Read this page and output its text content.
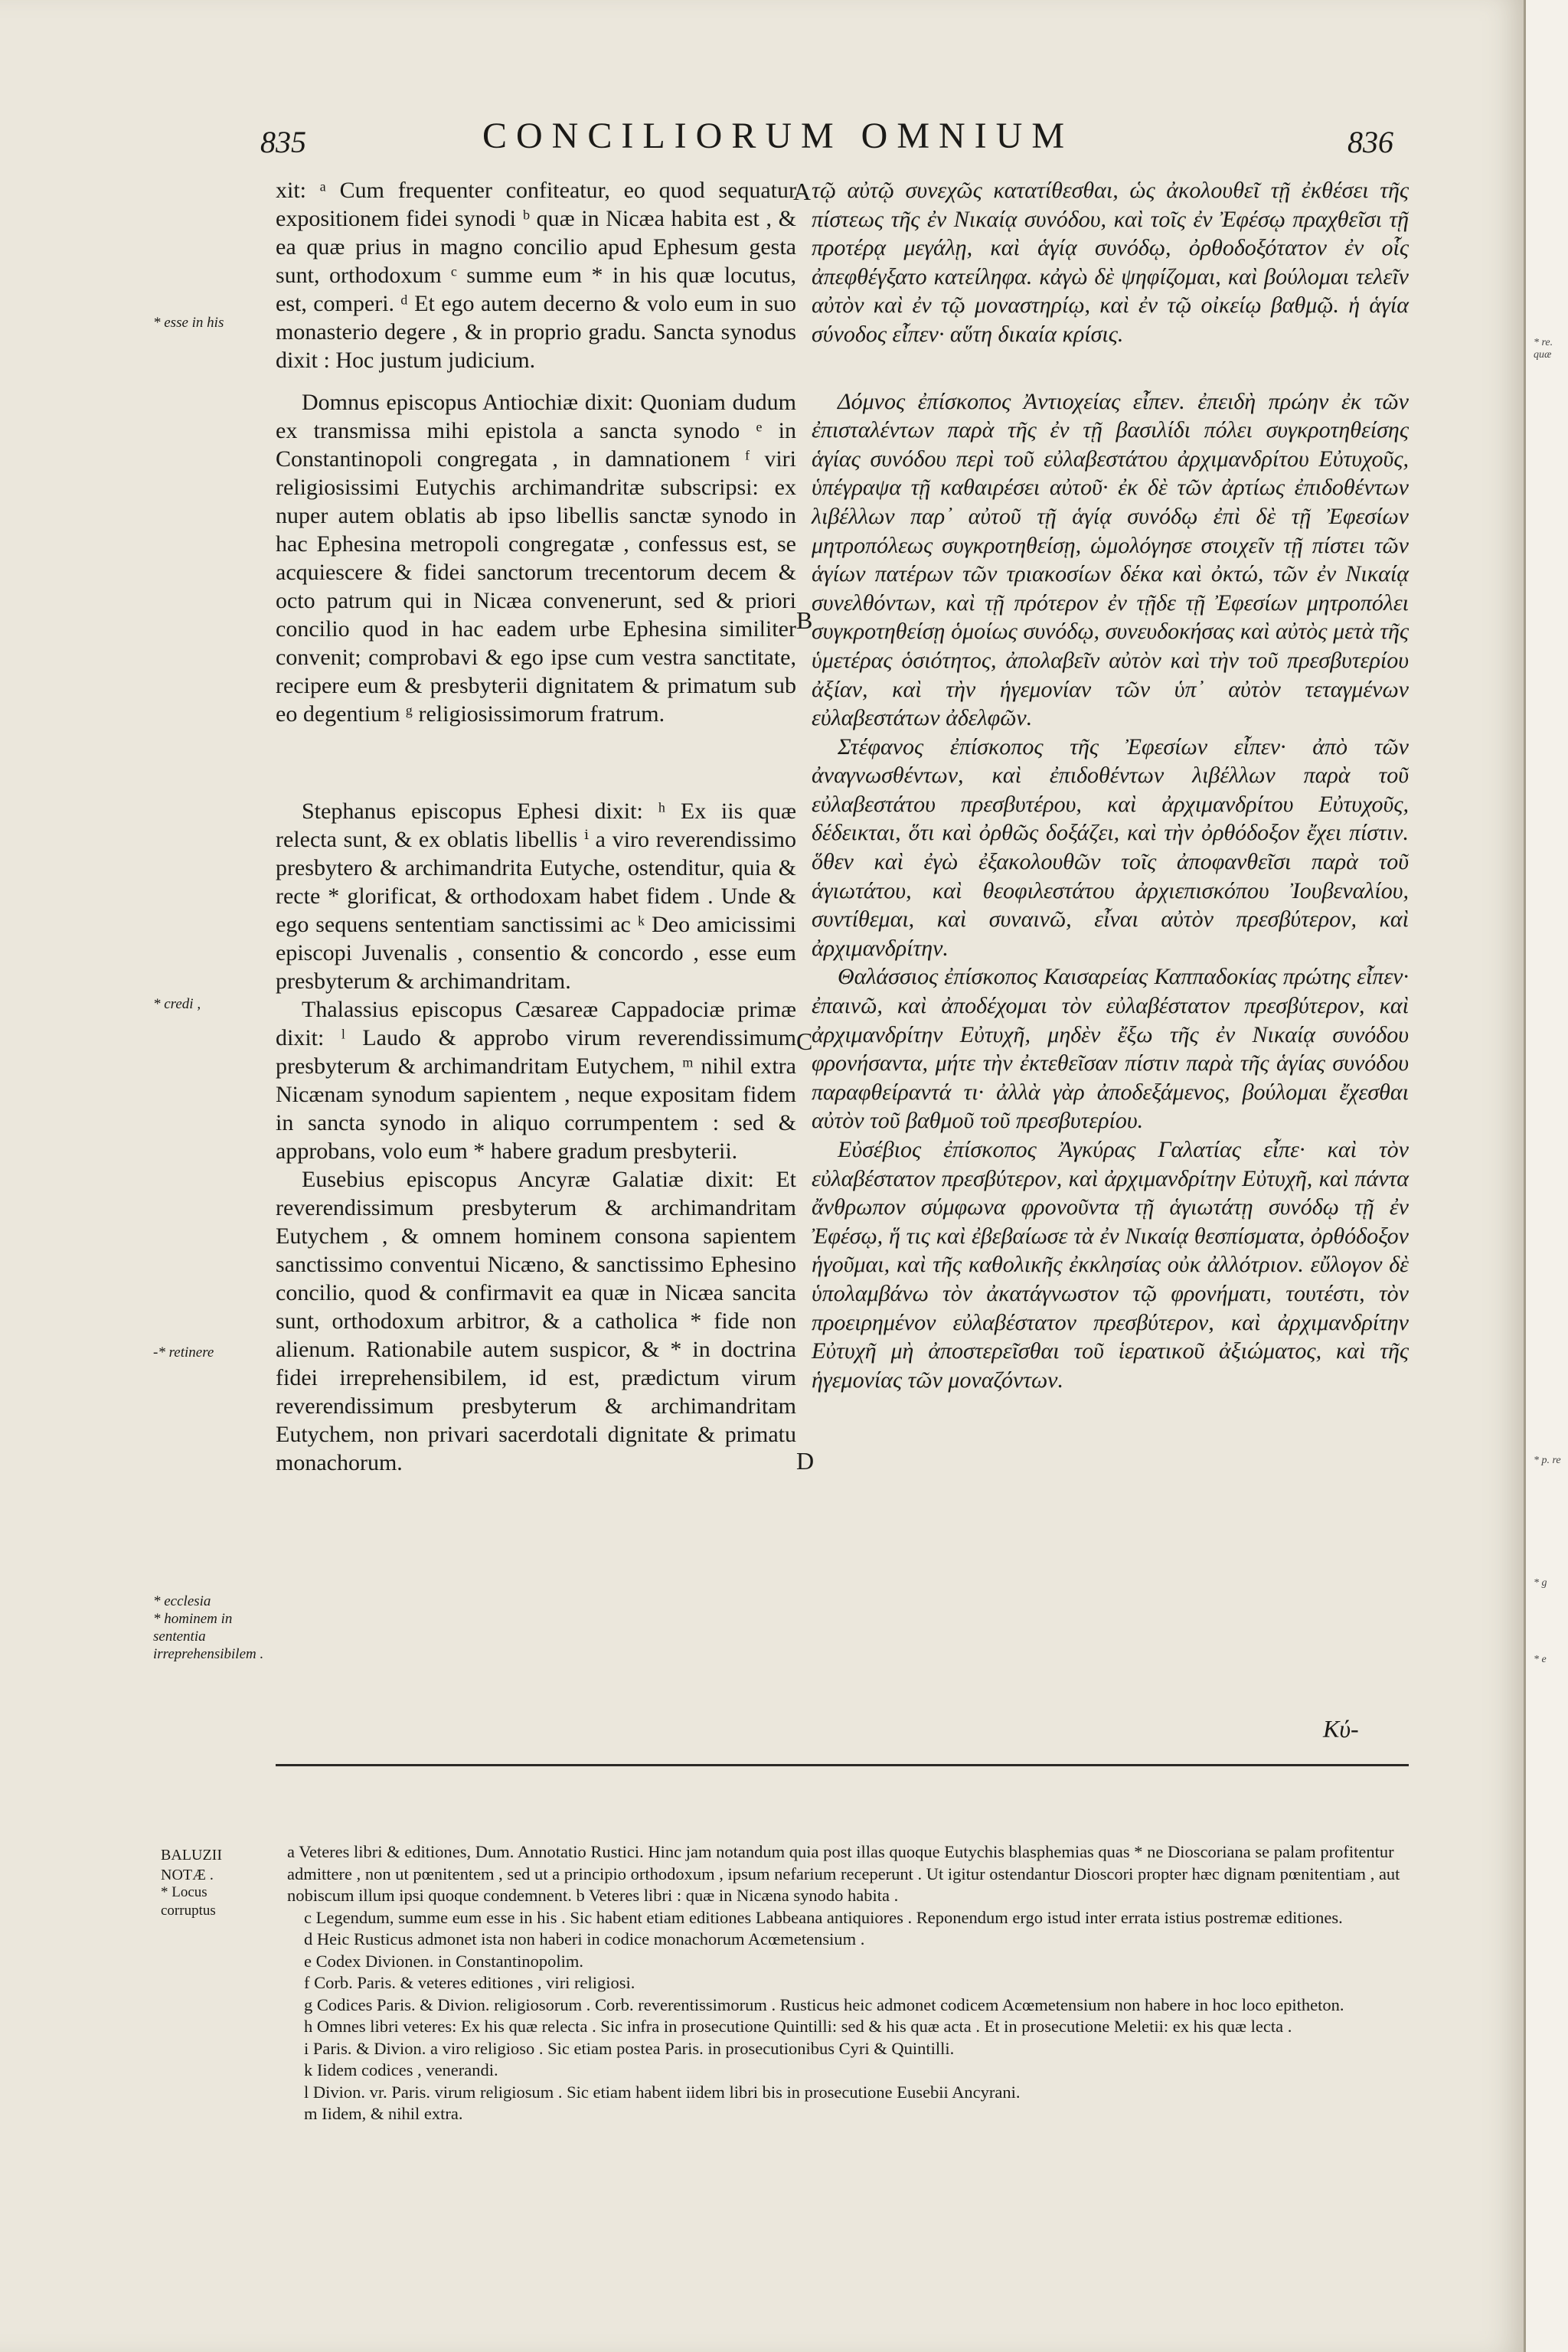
835	CONCILIORUM OMNIUM	836
* esse in his
* credi ,
-* retinere
* ecclesia
* hominem in sententia irreprehensibilem .

xit: ᵃ Cum frequenter confiteatur, eo quod sequatur expositionem fidei synodi ᵇ quæ in Nicæa habita est , & ea quæ prius in magno concilio apud Ephesum gesta sunt, orthodoxum ᶜ summe eum * in his quæ locutus, est, comperi. ᵈ Et ego autem decerno & volo eum in suo monasterio degere , & in proprio gradu. Sancta synodus dixit : Hoc justum judicium.

Domnus episcopus Antiochiæ dixit: Quoniam dudum ex transmissa mihi epistola a sancta synodo ᵉ in Constantinopoli congregata , in damnationem ᶠ viri religiosissimi Eutychis archimandritæ subscripsi: ex nuper autem oblatis ab ipso libellis sanctæ synodo in hac Ephesina metropoli congregatæ , confessus est, se acquiescere & fidei sanctorum trecentorum decem & octo patrum qui in Nicæa convenerunt, sed & priori concilio quod in hac eadem urbe Ephesina similiter convenit; comprobavi & ego ipse cum vestra sanctitate, recipere eum & presbyterii dignitatem & primatum sub eo degentium ᵍ religiosissimorum fratrum.

Stephanus episcopus Ephesi dixit: ʰ Ex iis quæ relecta sunt, & ex oblatis libellis ⁱ a viro reverendissimo presbytero & archimandrita Eutyche, ostenditur, quia & recte * glorificat, & orthodoxam habet fidem . Unde & ego sequens sententiam sanctissimi ac ᵏ Deo amicissimi episcopi Juvenalis , consentio & concordo , esse eum presbyterum & archimandritam.

Thalassius episcopus Cæsareæ Cappadociæ primæ dixit: ˡ Laudo & approbo virum reverendissimum presbyterum & archimandritam Eutychem, ᵐ nihil extra Nicænam synodum sapientem , neque expositam fidem in sancta synodo in aliquo corrumpentem : sed & approbans, volo eum * habere gradum presbyterii.

Eusebius episcopus Ancyræ Galatiæ dixit: Et reverendissimum presbyterum & archimandritam Eutychem , & omnem hominem consona sapientem sanctissimo conventui Nicæno, & sanctissimo Ephesino concilio, quod & confirmavit ea quæ in Nicæa sancita sunt, orthodoxum arbitror, & a catholica * fide non alienum. Rationabile autem suspicor, & * in doctrina fidei irreprehensibilem, id est, prædictum virum reverendissimum presbyterum & archimandritam Eutychem, non privari sacerdotali dignitate & primatu monachorum.

A
B
C
D

τῷ αὐτῷ συνεχῶς κατατίθεσθαι, ὡς ἀκολουθεῖ τῇ ἐκθέσει τῆς πίστεως τῆς ἐν Νικαίᾳ συνόδου, καὶ τοῖς ἐν Ἐφέσῳ πραχθεῖσι τῇ προτέρᾳ μεγάλῃ, καὶ ἁγίᾳ συνόδῳ, ὀρθοδοξότατον ἐν οἷς ἀπεφθέγξατο κατείληφα. κἀγὼ δὲ ψηφίζομαι, καὶ βούλομαι τελεῖν αὐτὸν καὶ ἐν τῷ μοναστηρίῳ, καὶ ἐν τῷ οἰκείῳ βαθμῷ. ἡ ἁγία σύνοδος εἶπεν· αὕτη δικαία κρίσις.

Δόμνος ἐπίσκοπος Ἀντιοχείας εἶπεν. ἐπειδὴ πρώην ἐκ τῶν ἐπισταλέντων παρὰ τῆς ἐν τῇ βασιλίδι πόλει συγκροτηθείσης ἁγίας συνόδου περὶ τοῦ εὐλαβεστάτου ἀρχιμανδρίτου Εὐτυχοῦς, ὑπέγραψα τῇ καθαιρέσει αὐτοῦ· ἐκ δὲ τῶν ἀρτίως ἐπιδοθέντων λιβέλλων παρ᾽ αὐτοῦ τῇ ἁγίᾳ συνόδῳ ἐπὶ δὲ τῇ Ἐφεσίων μητροπόλεως συγκροτηθείσῃ, ὡμολόγησε στοιχεῖν τῇ πίστει τῶν ἁγίων πατέρων τῶν τριακοσίων δέκα καὶ ὀκτώ, τῶν ἐν Νικαίᾳ συνελθόντων, καὶ τῇ πρότερον ἐν τῇδε τῇ Ἐφεσίων μητροπόλει συγκροτηθείσῃ ὁμοίως συνόδῳ, συνευδοκήσας καὶ αὐτὸς μετὰ τῆς ὑμετέρας ὁσιότητος, ἀπολαβεῖν αὐτὸν καὶ τὴν τοῦ πρεσβυτερίου ἀξίαν, καὶ τὴν ἡγεμονίαν τῶν ὑπ᾽ αὐτὸν τεταγμένων εὐλαβεστάτων ἀδελφῶν.

Στέφανος ἐπίσκοπος τῆς Ἐφεσίων εἶπεν· ἀπὸ τῶν ἀναγνωσθέντων, καὶ ἐπιδοθέντων λιβέλλων παρὰ τοῦ εὐλαβεστάτου πρεσβυτέρου, καὶ ἀρχιμανδρίτου Εὐτυχοῦς, δέδεικται, ὅτι καὶ ὀρθῶς δοξάζει, καὶ τὴν ὀρθόδοξον ἔχει πίστιν. ὅθεν καὶ ἐγὼ ἐξακολουθῶν τοῖς ἀποφανθεῖσι παρὰ τοῦ ἁγιωτάτου, καὶ θεοφιλεστάτου ἀρχιεπισκόπου Ἰουβεναλίου, συντίθεμαι, καὶ συναινῶ, εἶναι αὐτὸν πρεσβύτερον, καὶ ἀρχιμανδρίτην.

Θαλάσσιος ἐπίσκοπος Καισαρείας Καππαδοκίας πρώτης εἶπεν· ἐπαινῶ, καὶ ἀποδέχομαι τὸν εὐλαβέστατον πρεσβύτερον, καὶ ἀρχιμανδρίτην Εὐτυχῆ, μηδὲν ἔξω τῆς ἐν Νικαίᾳ συνόδου φρονήσαντα, μήτε τὴν ἐκτεθεῖσαν πίστιν παρὰ τῆς ἁγίας συνόδου παραφθείραντά τι· ἀλλὰ γὰρ ἀποδεξάμενος, βούλομαι ἔχεσθαι αὐτὸν τοῦ βαθμοῦ τοῦ πρεσβυτερίου.

Εὐσέβιος ἐπίσκοπος Ἀγκύρας Γαλατίας εἶπε· καὶ τὸν εὐλαβέστατον πρεσβύτερον, καὶ ἀρχιμανδρίτην Εὐτυχῆ, καὶ πάντα ἄνθρωπον σύμφωνα φρονοῦντα τῇ ἁγιωτάτῃ συνόδῳ τῇ ἐν Ἐφέσῳ, ἥ τις καὶ ἐβεβαίωσε τὰ ἐν Νικαίᾳ θεσπίσματα, ὀρθόδοξον ἡγοῦμαι, καὶ τῆς καθολικῆς ἐκκλησίας οὐκ ἀλλότριον. εὔλογον δὲ ὑπολαμβάνω τὸν ἀκατάγνωστον τῷ φρονήματι, τουτέστι, τὸν προειρημένον εὐλαβέστατον πρεσβύτερον, καὶ ἀρχιμανδρίτην Εὐτυχῆ μὴ ἀποστερεῖσθαι τοῦ ἱερατικοῦ ἀξιώματος, καὶ τῆς ἡγεμονίας τῶν μοναζόντων.

Κύ-
BALUZII
NOTÆ .
* Locus corruptus

a Veteres libri & editiones, Dum. Annotatio Rustici. Hinc jam notandum quia post illas quoque Eutychis blasphemias quas * ne Dioscoriana se palam profitentur admittere , non ut pœnitentem , sed ut a principio orthodoxum , ipsum nefarium receperunt . Ut igitur ostendantur Dioscori propter hæc dignam pœnitentiam , aut nobiscum illum ipsi quoque condemnent. b Veteres libri : quæ in Nicæna synodo habita .

c Legendum, summe eum esse in his . Sic habent etiam editiones Labbeana antiquiores . Reponendum ergo istud inter errata istius postremæ editiones.

d Heic Rusticus admonet ista non haberi in codice monachorum Acœmetensium .

e Codex Divionen. in Constantinopolim.

f Corb. Paris. & veteres editiones , viri religiosi.

g Codices Paris. & Divion. religiosorum . Corb. reverentissimorum . Rusticus heic admonet codicem Acœmetensium non habere in hoc loco epitheton.

h Omnes libri veteres: Ex his quæ relecta . Sic infra in prosecutione Quintilli: sed & his quæ acta . Et in prosecutione Meletii: ex his quæ lecta .

i Paris. & Divion. a viro religioso . Sic etiam postea Paris. in prosecutionibus Cyri & Quintilli.

k Iidem codices , venerandi.

l Divion. vr. Paris. virum religiosum . Sic etiam habent iidem libri bis in prosecutione Eusebii Ancyrani.

m Iidem, & nihil extra.

* re. quæ
* p. re
* g
* e
